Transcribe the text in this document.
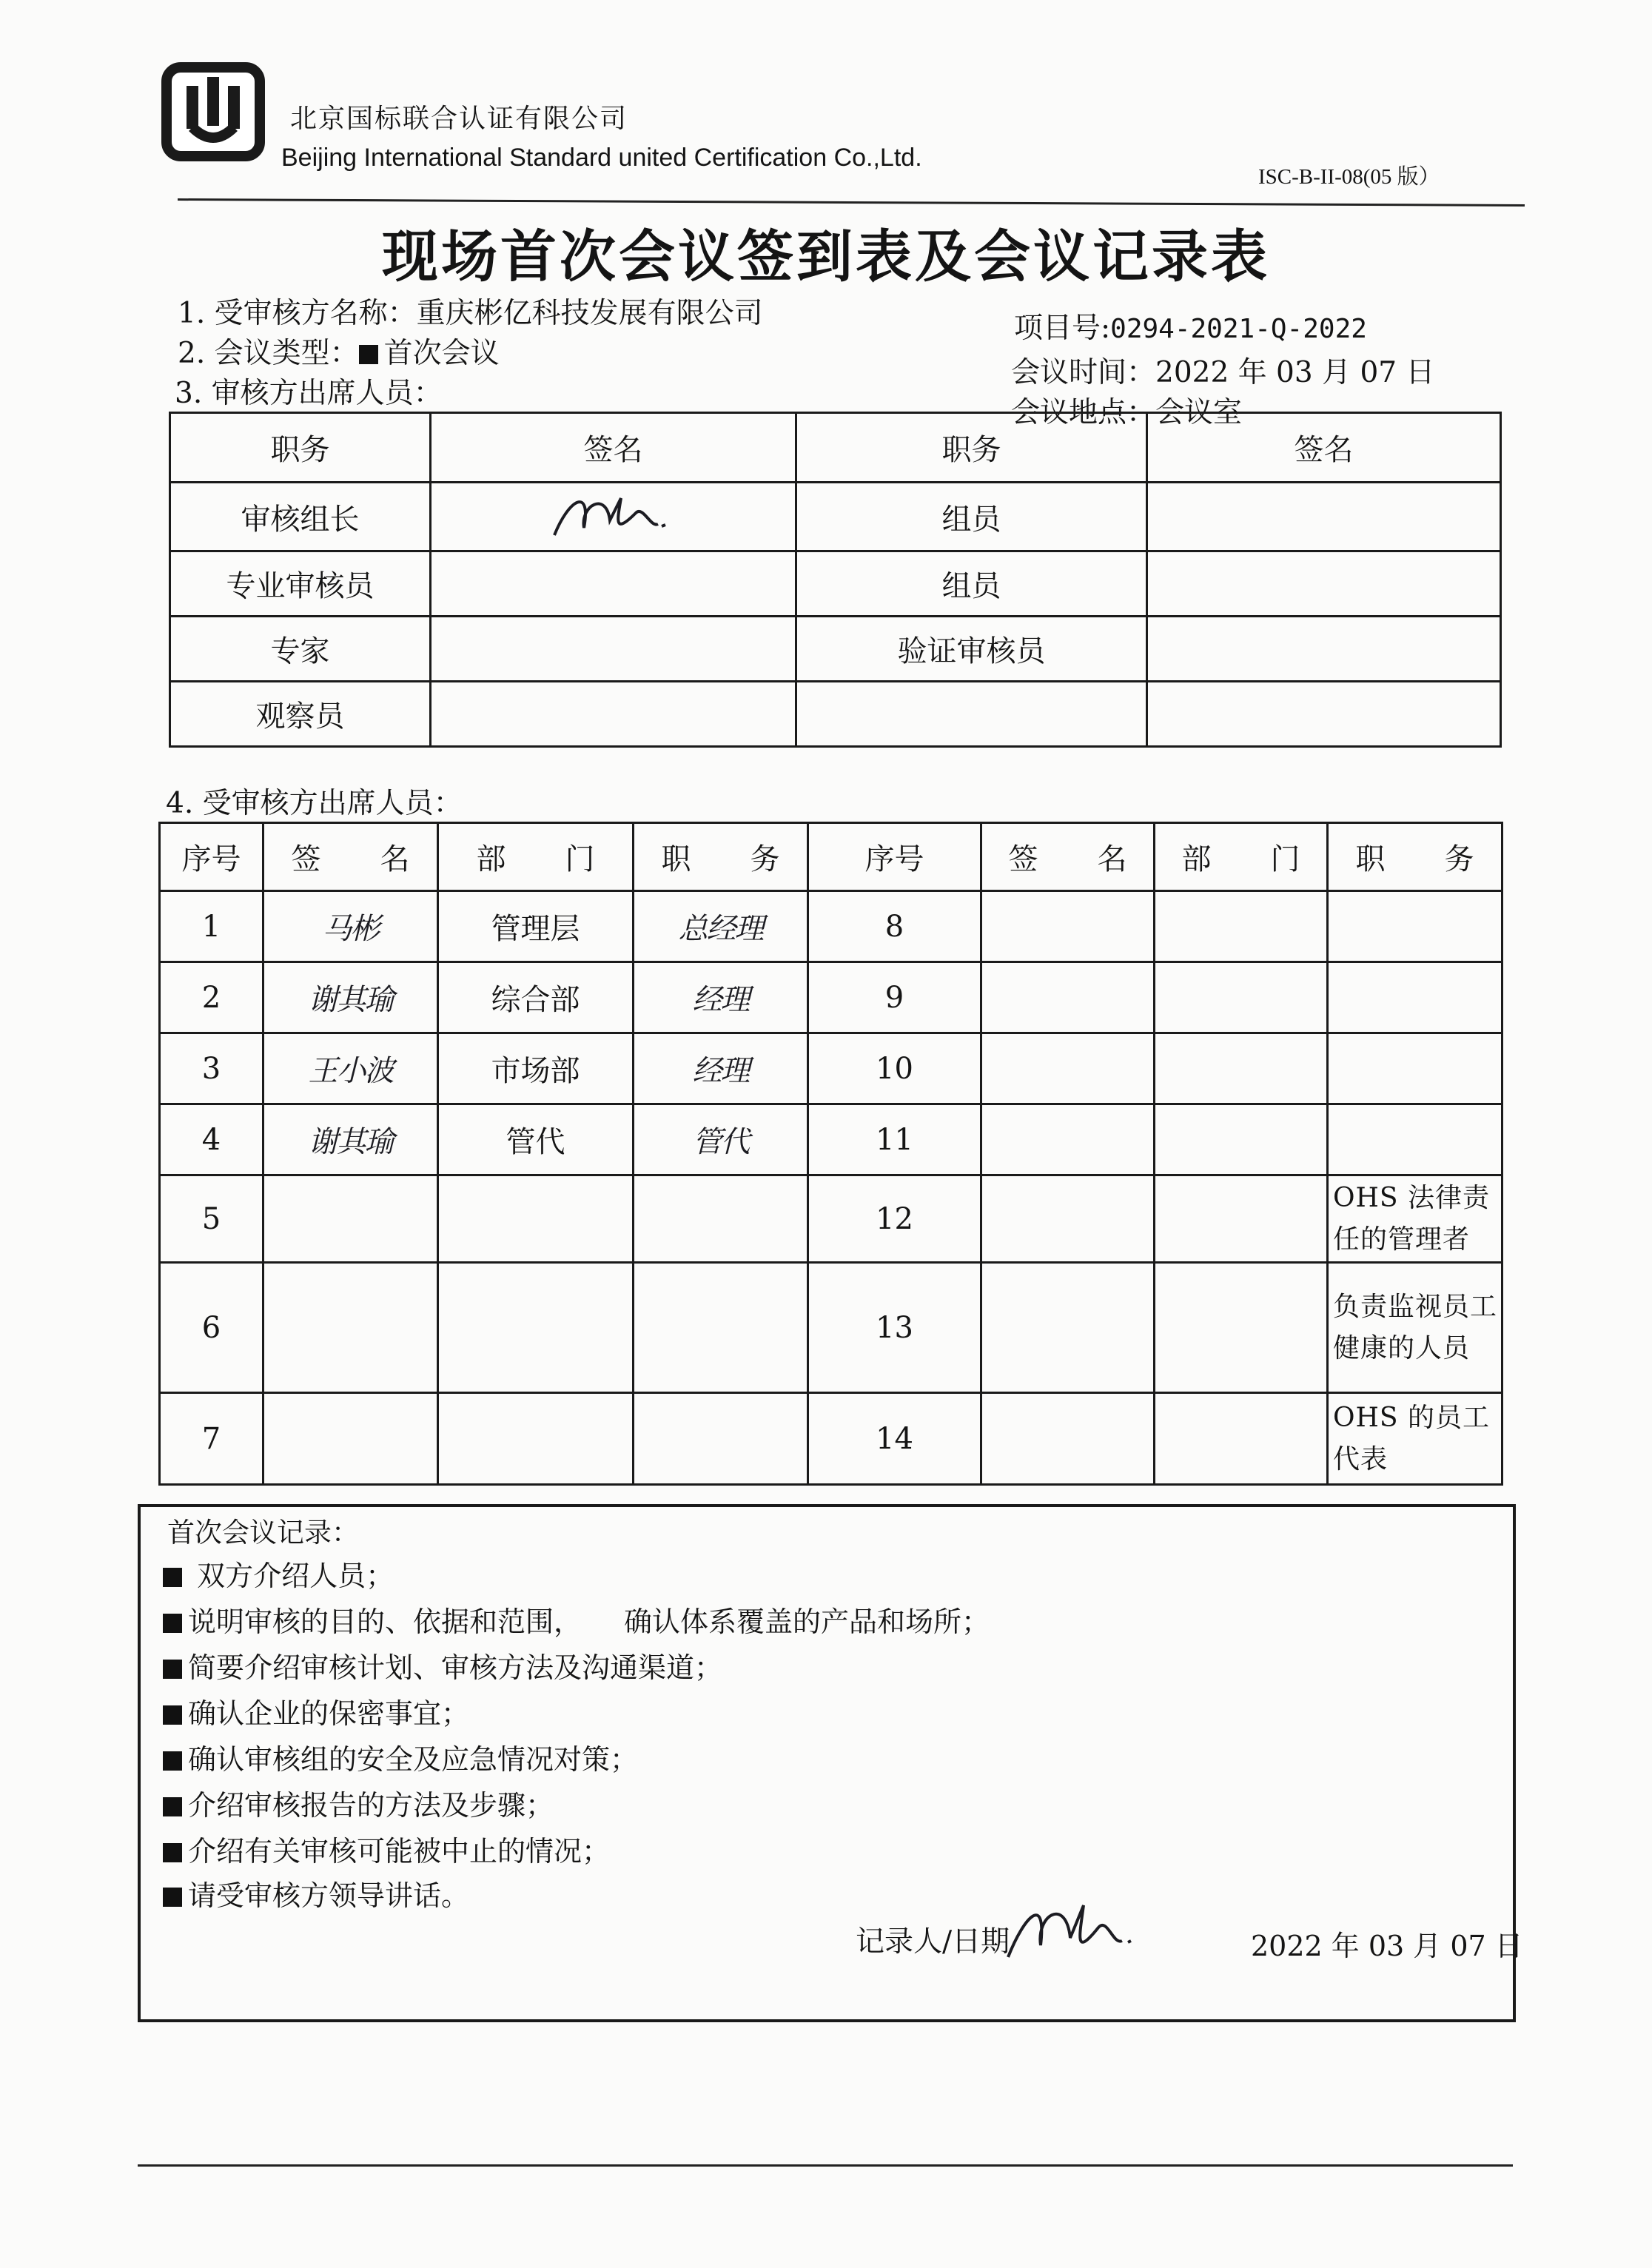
北京国标联合认证有限公司
Beijing International Standard united Certification Co.,Ltd.
ISC-B-II-08(05 版）
现场首次会议签到表及会议记录表
1. 受审核方名称：重庆彬亿科技发展有限公司
2. 会议类型： 首次会议
3. 审核方出席人员：
项目号:0294-2021-Q-2022
会议时间：2022 年 03 月 07 日
会议地点：会议室
职务	签名	职务	签名
审核组长		组员	
专业审核员		组员	
专家		验证审核员	
观察员			
4. 受审核方出席人员：
序号	签　　名	部　　门	职　　务	序号	签　　名	部　　门	职　　务
1	马彬	管理层	总经理	8			
2	谢其瑜	综合部	经理	9			
3	王小波	市场部	经理	10			
4	谢其瑜	管代	管代	11			
5				12			OHS 法律责任的管理者
6				13			负责监视员工健康的人员
7				14			OHS 的员工代表
首次会议记录：
双方介绍人员；
说明审核的目的、依据和范围，　　确认体系覆盖的产品和场所；
简要介绍审核计划、审核方法及沟通渠道；
确认企业的保密事宜；
确认审核组的安全及应急情况对策；
介绍审核报告的方法及步骤；
介绍有关审核可能被中止的情况；
请受审核方领导讲话。
记录人/日期	2022 年 03 月 07 日
